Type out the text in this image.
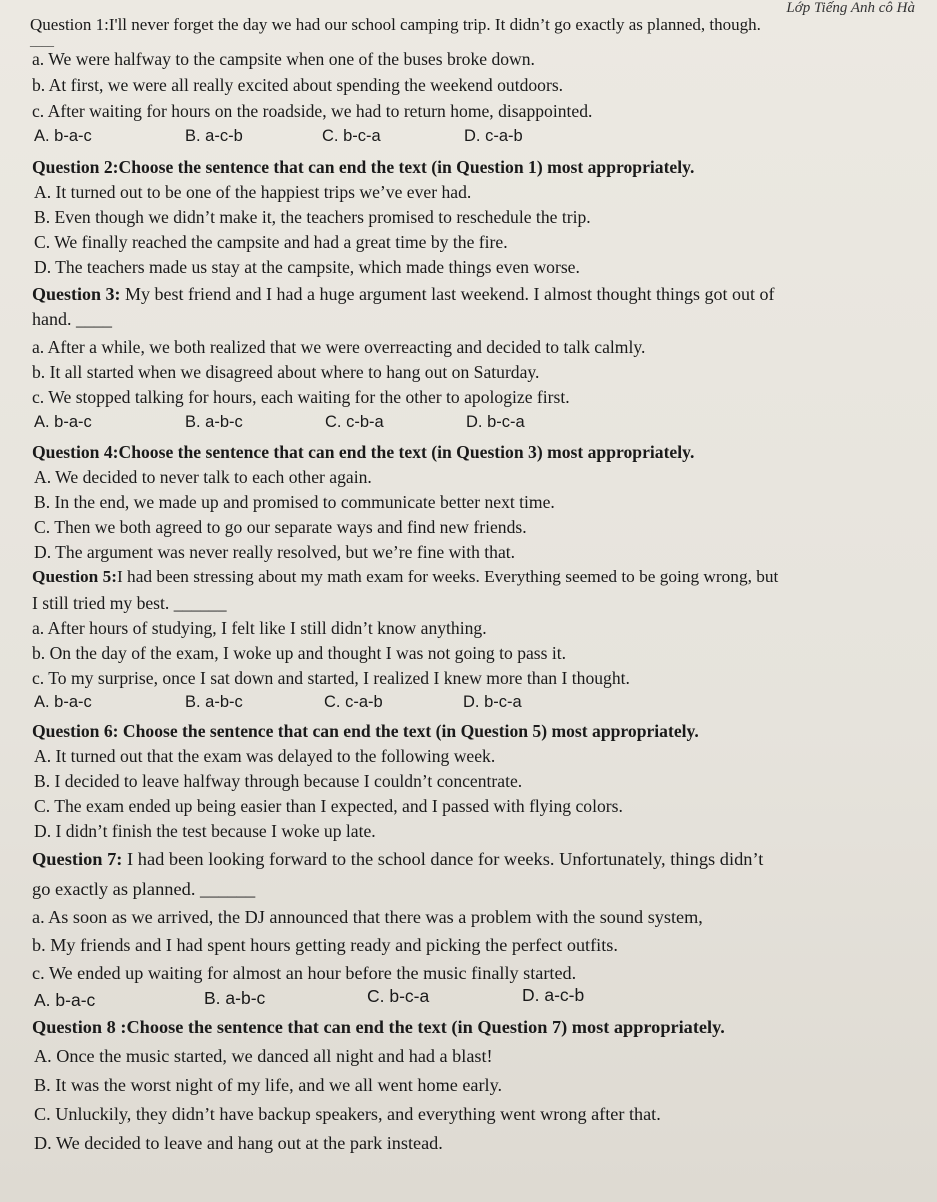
Lớp Tiếng Anh cô Hà
Question 1:I'll never forget the day we had our school camping trip. It didn’t go exactly as planned, though.
____
a. We were halfway to the campsite when one of the buses broke down.
b. At first, we were all really excited about spending the weekend outdoors.
c. After waiting for hours on the roadside, we had to return home, disappointed.
A. b-a-c	B. a-c-b	C. b-c-a	D. c-a-b
Question 2:Choose the sentence that can end the text (in Question 1) most appropriately.
A. It turned out to be one of the happiest trips we’ve ever had.
B. Even though we didn’t make it, the teachers promised to reschedule the trip.
C. We finally reached the campsite and had a great time by the fire.
D. The teachers made us stay at the campsite, which made things even worse.
Question 3: My best friend and I had a huge argument last weekend. I almost thought things got out of
hand. ____
a. After a while, we both realized that we were overreacting and decided to talk calmly.
b. It all started when we disagreed about where to hang out on Saturday.
c. We stopped talking for hours, each waiting for the other to apologize first.
A. b-a-c	B. a-b-c	C. c-b-a	D. b-c-a
Question 4:Choose the sentence that can end the text (in Question 3) most appropriately.
A. We decided to never talk to each other again.
B. In the end, we made up and promised to communicate better next time.
C. Then we both agreed to go our separate ways and find new friends.
D. The argument was never really resolved, but we’re fine with that.
Question 5:I had been stressing about my math exam for weeks. Everything seemed to be going wrong, but
I still tried my best. ______
a. After hours of studying, I felt like I still didn’t know anything.
b. On the day of the exam, I woke up and thought I was not going to pass it.
c. To my surprise, once I sat down and started, I realized I knew more than I thought.
A. b-a-c	B. a-b-c	C. c-a-b	D. b-c-a
Question 6: Choose the sentence that can end the text (in Question 5) most appropriately.
A. It turned out that the exam was delayed to the following week.
B. I decided to leave halfway through because I couldn’t concentrate.
C. The exam ended up being easier than I expected, and I passed with flying colors.
D. I didn’t finish the test because I woke up late.
Question 7: I had been looking forward to the school dance for weeks. Unfortunately, things didn’t
go exactly as planned. ______
a. As soon as we arrived, the DJ announced that there was a problem with the sound system,
b. My friends and I had spent hours getting ready and picking the perfect outfits.
c. We ended up waiting for almost an hour before the music finally started.
A. b-a-c	B. a-b-c	C. b-c-a	D. a-c-b
Question 8 :Choose the sentence that can end the text (in Question 7) most appropriately.
A. Once the music started, we danced all night and had a blast!
B. It was the worst night of my life, and we all went home early.
C. Unluckily, they didn’t have backup speakers, and everything went wrong after that.
D. We decided to leave and hang out at the park instead.
